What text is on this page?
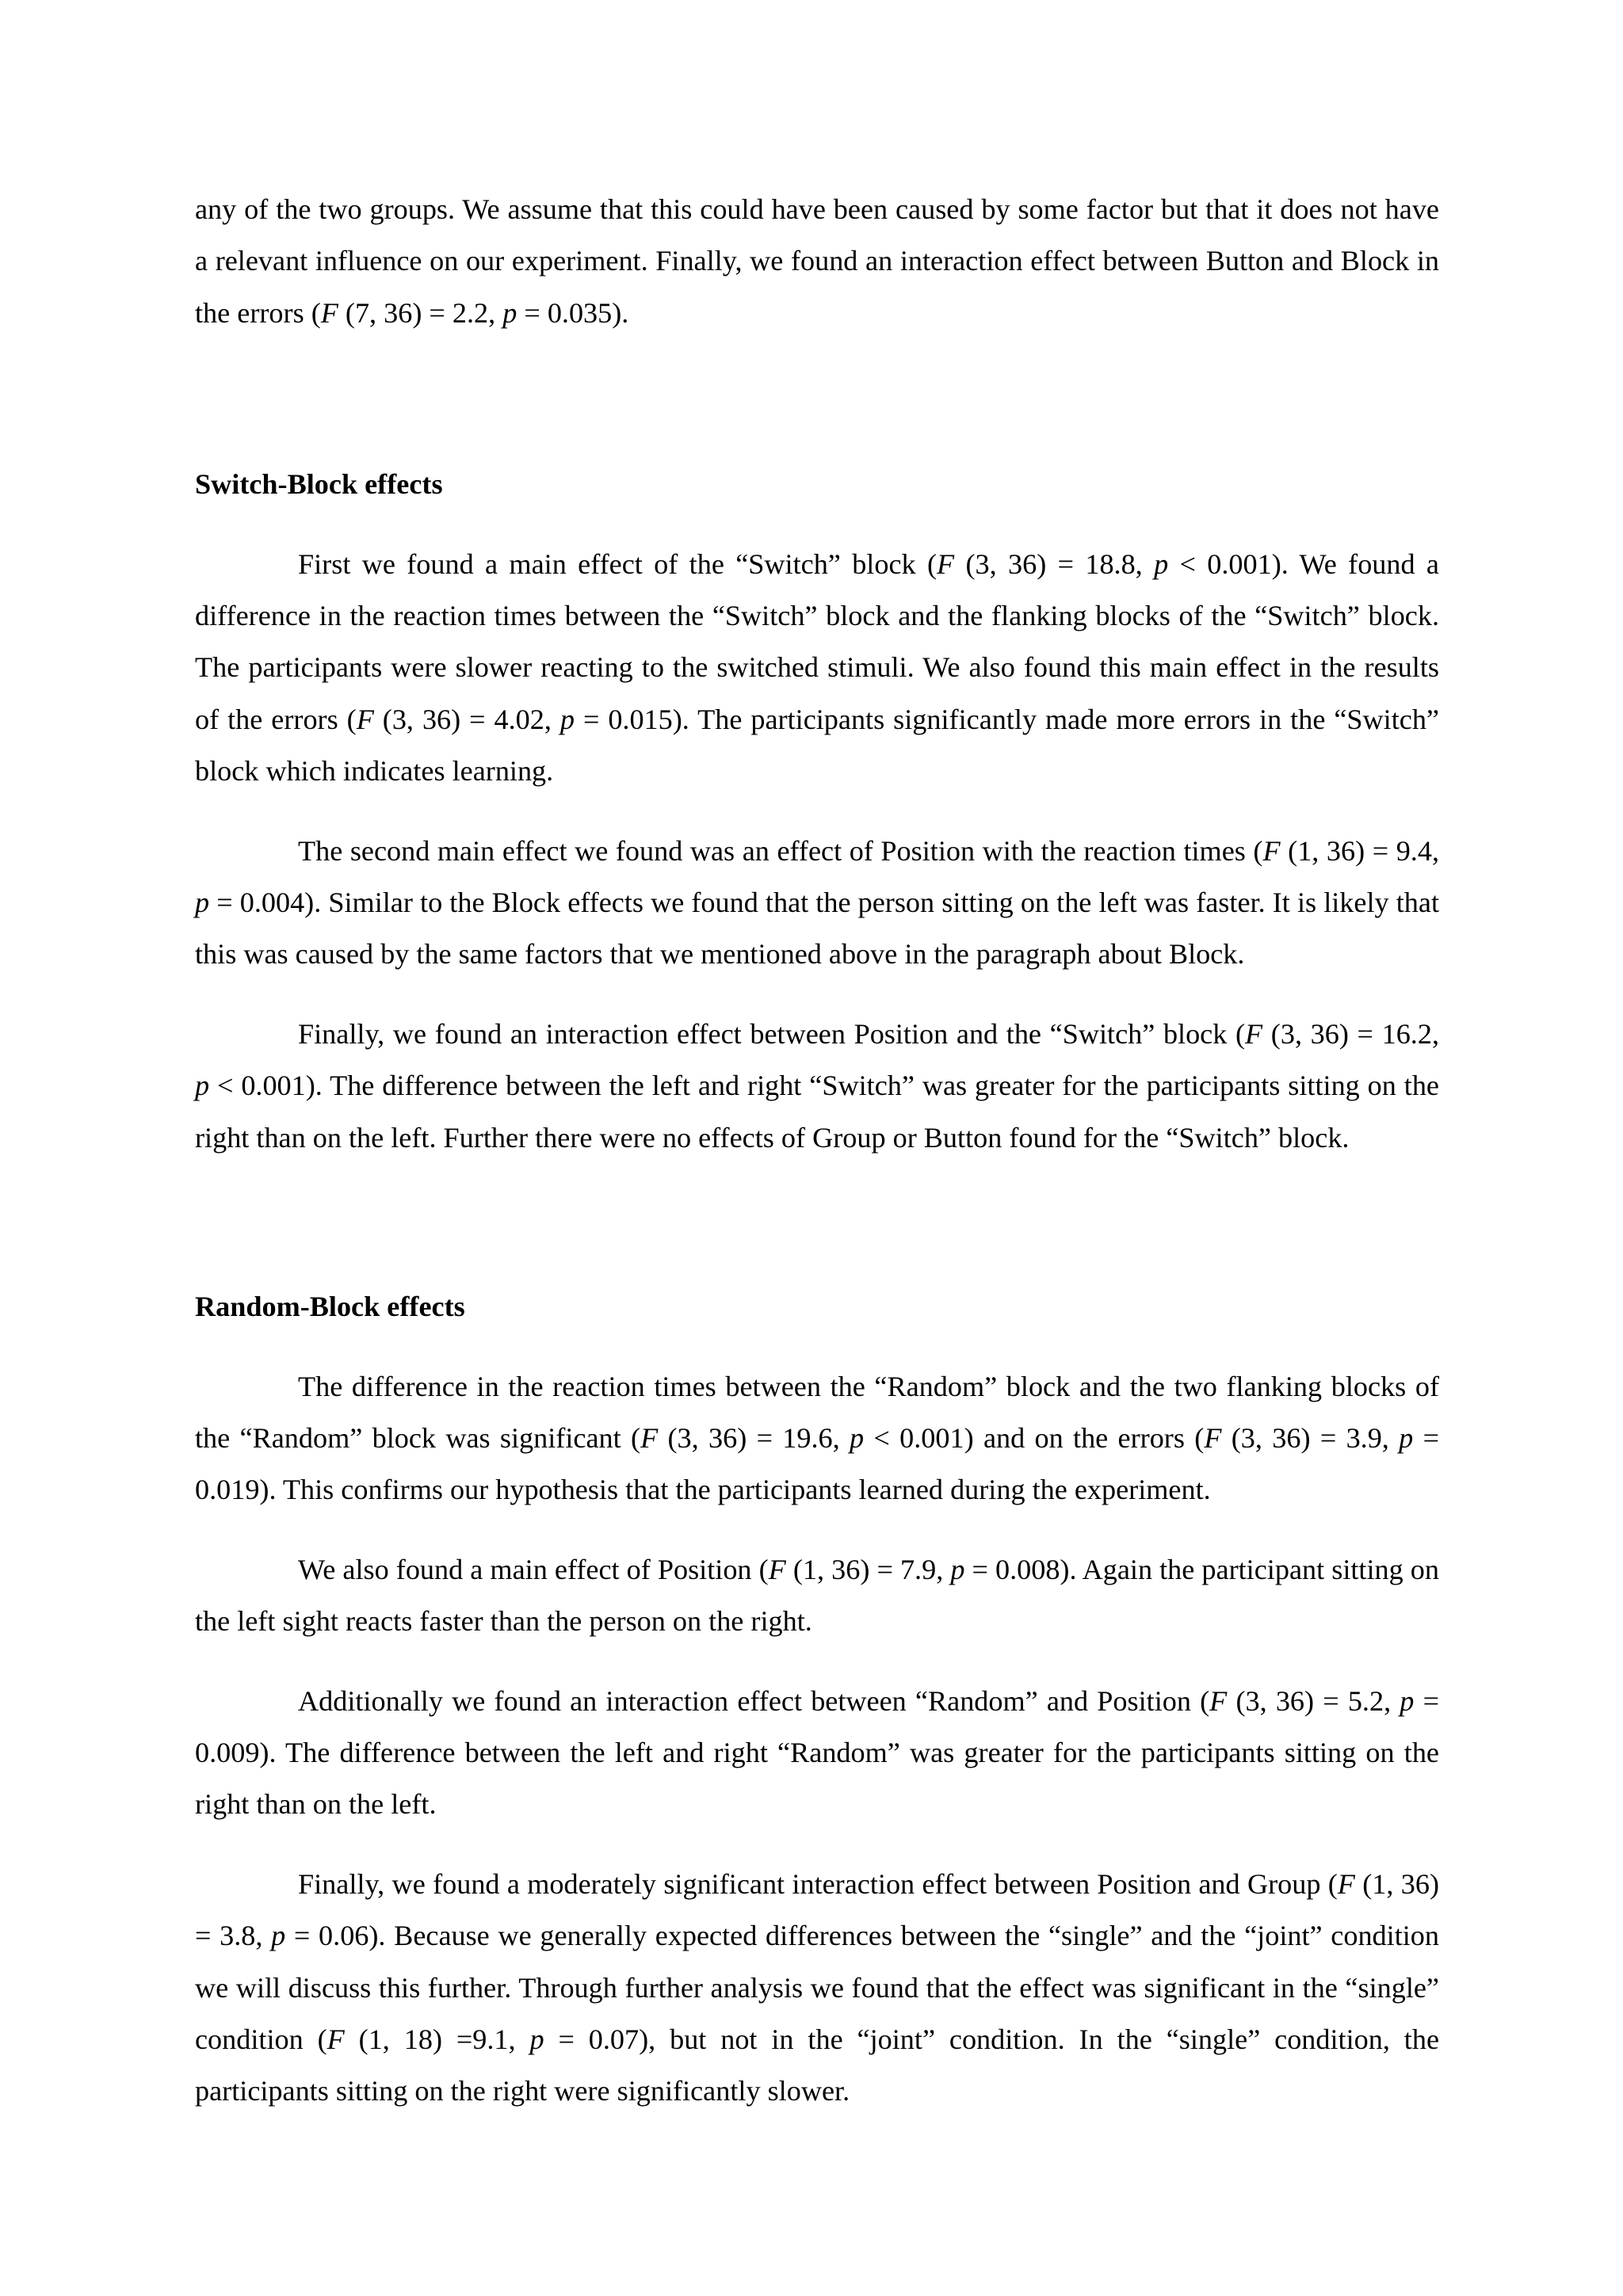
any of the two groups. We assume that this could have been caused by some factor but that it does not have a relevant influence on our experiment. Finally, we found an interaction effect between Button and Block in the errors (F (7, 36) = 2.2, p = 0.035).

Switch-Block effects

First we found a main effect of the “Switch” block (F (3, 36) = 18.8, p < 0.001). We found a difference in the reaction times between the “Switch” block and the flanking blocks of the “Switch” block. The participants were slower reacting to the switched stimuli. We also found this main effect in the results of the errors (F (3, 36) = 4.02, p = 0.015). The participants significantly made more errors in the “Switch” block which indicates learning.

The second main effect we found was an effect of Position with the reaction times (F (1, 36) = 9.4, p = 0.004). Similar to the Block effects we found that the person sitting on the left was faster. It is likely that this was caused by the same factors that we mentioned above in the paragraph about Block.

Finally, we found an interaction effect between Position and the “Switch” block (F (3, 36) = 16.2, p < 0.001). The difference between the left and right “Switch” was greater for the participants sitting on the right than on the left. Further there were no effects of Group or Button found for the “Switch” block.

Random-Block effects

The difference in the reaction times between the “Random” block and the two flanking blocks of the “Random” block was significant (F (3, 36) = 19.6, p < 0.001) and on the errors (F (3, 36) = 3.9, p = 0.019). This confirms our hypothesis that the participants learned during the experiment.

We also found a main effect of Position (F (1, 36) = 7.9, p = 0.008). Again the participant sitting on the left sight reacts faster than the person on the right.

Additionally we found an interaction effect between “Random” and Position (F (3, 36) = 5.2, p = 0.009). The difference between the left and right “Random” was greater for the participants sitting on the right than on the left.

Finally, we found a moderately significant interaction effect between Position and Group (F (1, 36) = 3.8, p = 0.06). Because we generally expected differences between the “single” and the “joint” condition we will discuss this further. Through further analysis we found that the effect was significant in the “single” condition (F (1, 18) =9.1, p = 0.07), but not in the “joint” condition. In the “single” condition, the participants sitting on the right were significantly slower.
